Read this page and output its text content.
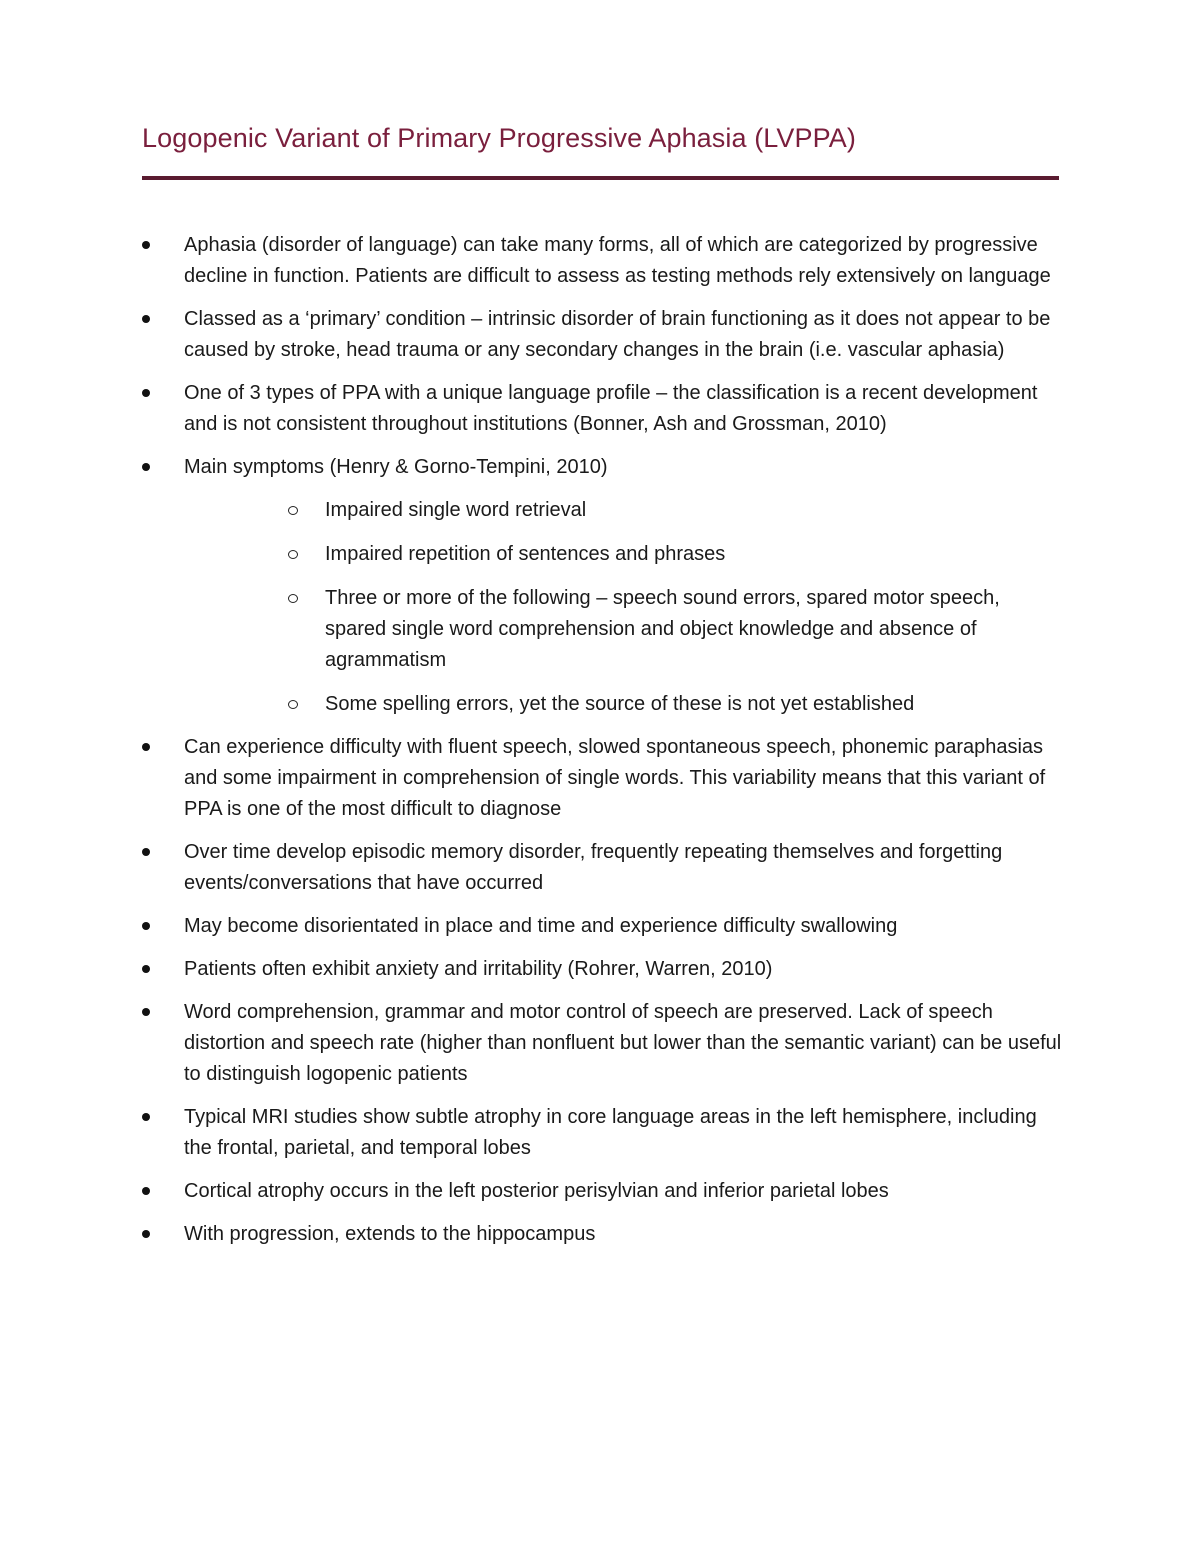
Logopenic Variant of Primary Progressive Aphasia (LVPPA)
Aphasia (disorder of language) can take many forms, all of which are categorized by progressive decline in function. Patients are difficult to assess as testing methods rely extensively on language
Classed as a ‘primary’ condition – intrinsic disorder of brain functioning as it does not appear to be caused by stroke, head trauma or any secondary changes in the brain (i.e. vascular aphasia)
One of 3 types of PPA with a unique language profile – the classification is a recent development and is not consistent throughout institutions (Bonner, Ash and Grossman, 2010)
Main symptoms (Henry & Gorno-Tempini, 2010)
Impaired single word retrieval
Impaired repetition of sentences and phrases
Three or more of the following – speech sound errors, spared motor speech, spared single word comprehension and object knowledge and absence of agrammatism
Some spelling errors, yet the source of these is not yet established
Can experience difficulty with fluent speech, slowed spontaneous speech, phonemic paraphasias and some impairment in comprehension of single words. This variability means that this variant of PPA is one of the most difficult to diagnose
Over time develop episodic memory disorder, frequently repeating themselves and forgetting events/conversations that have occurred
May become disorientated in place and time and experience difficulty swallowing
Patients often exhibit anxiety and irritability (Rohrer, Warren, 2010)
Word comprehension, grammar and motor control of speech are preserved. Lack of speech distortion and speech rate (higher than nonfluent but lower than the semantic variant) can be useful to distinguish logopenic patients
Typical MRI studies show subtle atrophy in core language areas in the left hemisphere, including the frontal, parietal, and temporal lobes
Cortical atrophy occurs in the left posterior perisylvian and inferior parietal lobes
With progression, extends to the hippocampus
